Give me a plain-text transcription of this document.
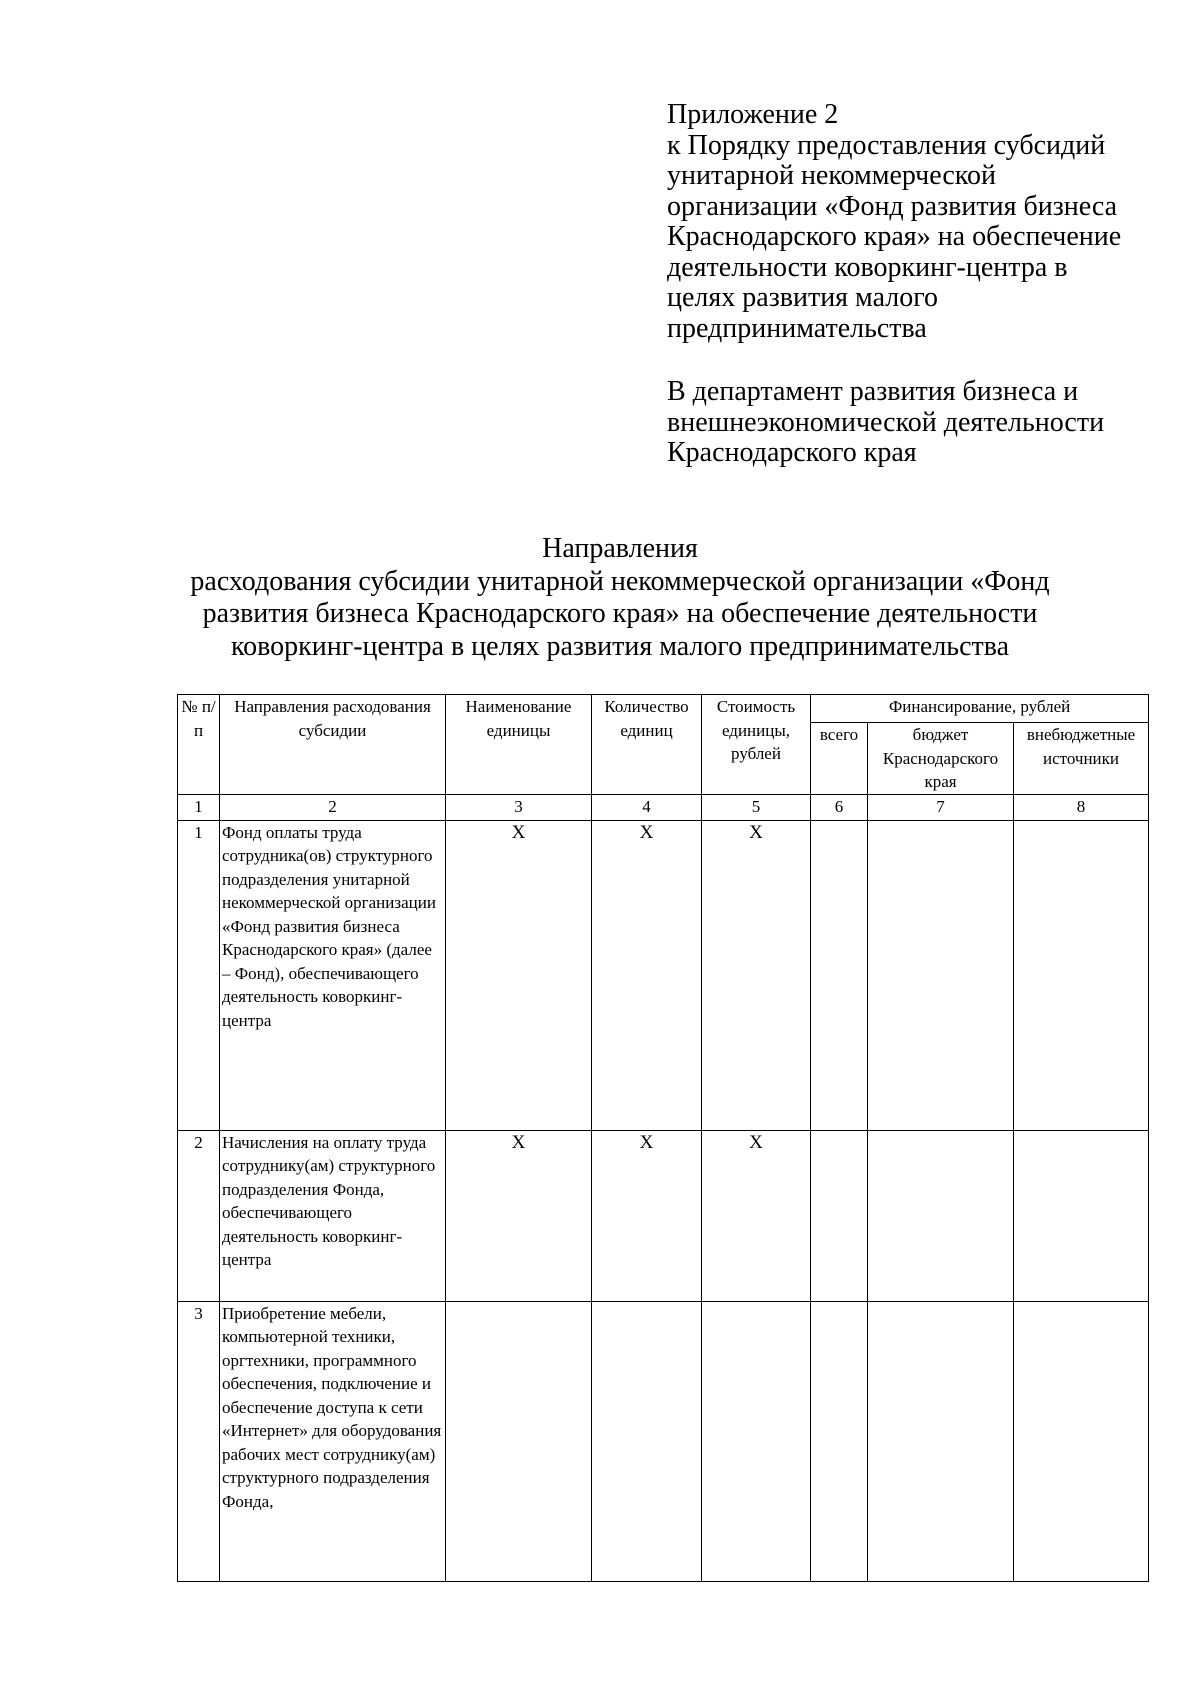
Приложение 2
к Порядку предоставления субсидий
унитарной некоммерческой
организации «Фонд развития бизнеса
Краснодарского края» на обеспечение
деятельности коворкинг-центра в
целях развития малого
предпринимательства
В департамент развития бизнеса и
внешнеэкономической деятельности
Краснодарского края
Направления
расходования субсидии унитарной некоммерческой организации «Фонд
развития бизнеса Краснодарского края» на обеспечение деятельности
коворкинг-центра в целях развития малого предпринимательства
№ п/п	Направления расходования субсидии	Наименование единицы	Количество единиц	Стоимость единицы, рублей	Финансирование, рублей		
					всего	бюджет Краснодарского края	внебюджетные источники
1	2	3	4	5	6	7	8
1	Фонд оплаты труда сотрудника(ов) структурного подразделения унитарной некоммерческой организации «Фонд развития бизнеса Краснодарского края» (далее – Фонд), обеспечивающего деятельность коворкинг-центра	X	X	X			
2	Начисления на оплату труда сотруднику(ам) структурного подразделения Фонда, обеспечивающего деятельность коворкинг-центра	X	X	X			
3	Приобретение мебели, компьютерной техники, оргтехники, программного обеспечения, подключение и обеспечение доступа к сети «Интернет» для оборудования рабочих мест сотруднику(ам) структурного подразделения Фонда,						
